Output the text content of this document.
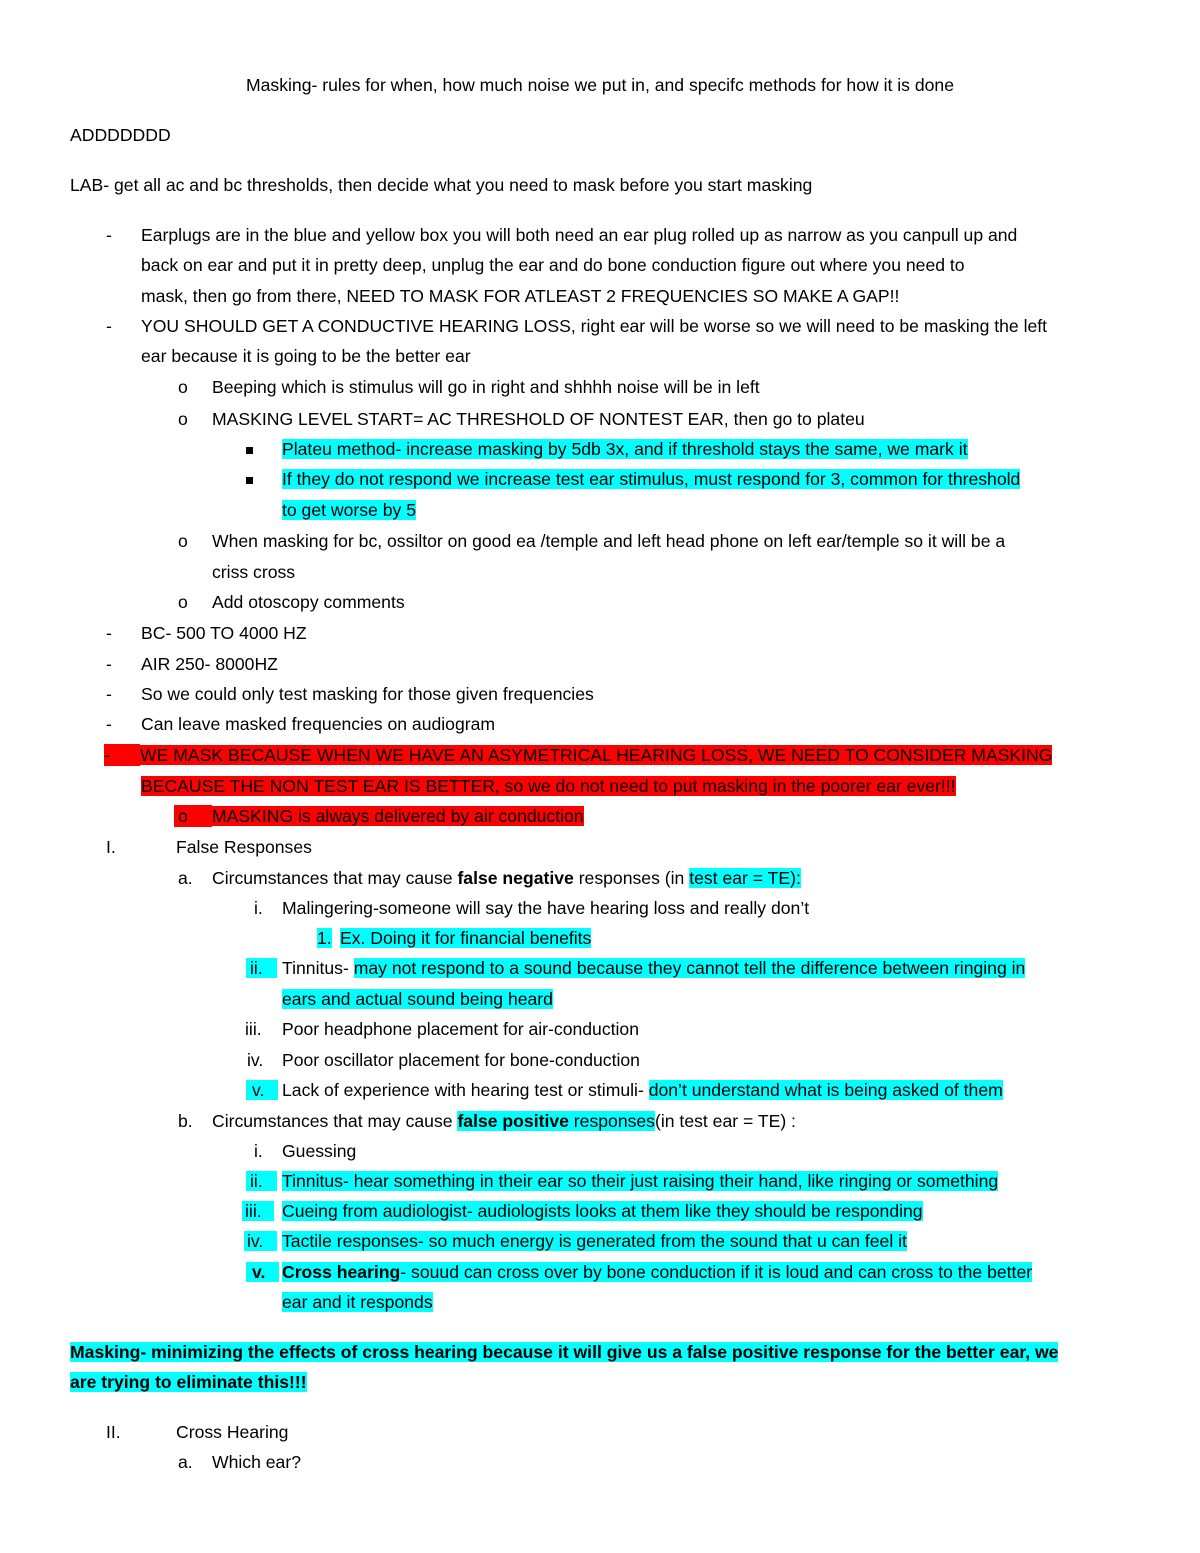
Masking- rules for when, how much noise we put in, and specifc methods for how it is done
ADDDDDDD
LAB- get all ac and bc thresholds, then decide what you need to mask before you start masking
- Earplugs are in the blue and yellow box you will both need an ear plug rolled up as narrow as you canpull up and
back on ear and put it in pretty deep, unplug the ear and do bone conduction figure out where you need to
mask, then go from there, NEED TO MASK FOR ATLEAST 2 FREQUENCIES SO MAKE A GAP!!
- YOU SHOULD GET A CONDUCTIVE HEARING LOSS, right ear will be worse so we will need to be masking the left
ear because it is going to be the better ear
o Beeping which is stimulus will go in right and shhhh noise will be in left
o MASKING LEVEL START= AC THRESHOLD OF NONTEST EAR, then go to plateu
Plateu method- increase masking by 5db 3x, and if threshold stays the same, we mark it
If they do not respond we increase test ear stimulus, must respond for 3, common for threshold
to get worse by 5
o When masking for bc, ossiltor on good ea /temple and left head phone on left ear/temple so it will be a
criss cross
o Add otoscopy comments
- BC- 500 TO 4000 HZ
- AIR 250- 8000HZ
- So we could only test masking for those given frequencies
- Can leave masked frequencies on audiogram
-	WE MASK BECAUSE WHEN WE HAVE AN ASYMETRICAL HEARING LOSS, WE NEED TO CONSIDER MASKING
BECAUSE THE NON TEST EAR IS BETTER, so we do not need to put masking in the poorer ear ever!!!
o	MASKING is always delivered by air conduction
I.	False Responses
a. Circumstances that may cause false negative responses (in test ear = TE):
i. Malingering-someone will say the have hearing loss and really don’t
1. Ex. Doing it for financial benefits
ii.	Tinnitus- may not respond to a sound because they cannot tell the difference between ringing in
ears and actual sound being heard
iii. Poor headphone placement for air-conduction
iv. Poor oscillator placement for bone-conduction
v.	Lack of experience with hearing test or stimuli- don’t understand what is being asked of them
b. Circumstances that may cause false positive responses(in test ear = TE) :
i. Guessing
ii.	Tinnitus- hear something in their ear so their just raising their hand, like ringing or something
iii.	Cueing from audiologist- audiologists looks at them like they should be responding
iv.	Tactile responses- so much energy is generated from the sound that u can feel it
v. Cross hearing- souud can cross over by bone conduction if it is loud and can cross to the better
ear and it responds
Masking- minimizing the effects of cross hearing because it will give us a false positive response for the better ear, we
are trying to eliminate this!!!
II.	Cross Hearing
a. Which ear?
